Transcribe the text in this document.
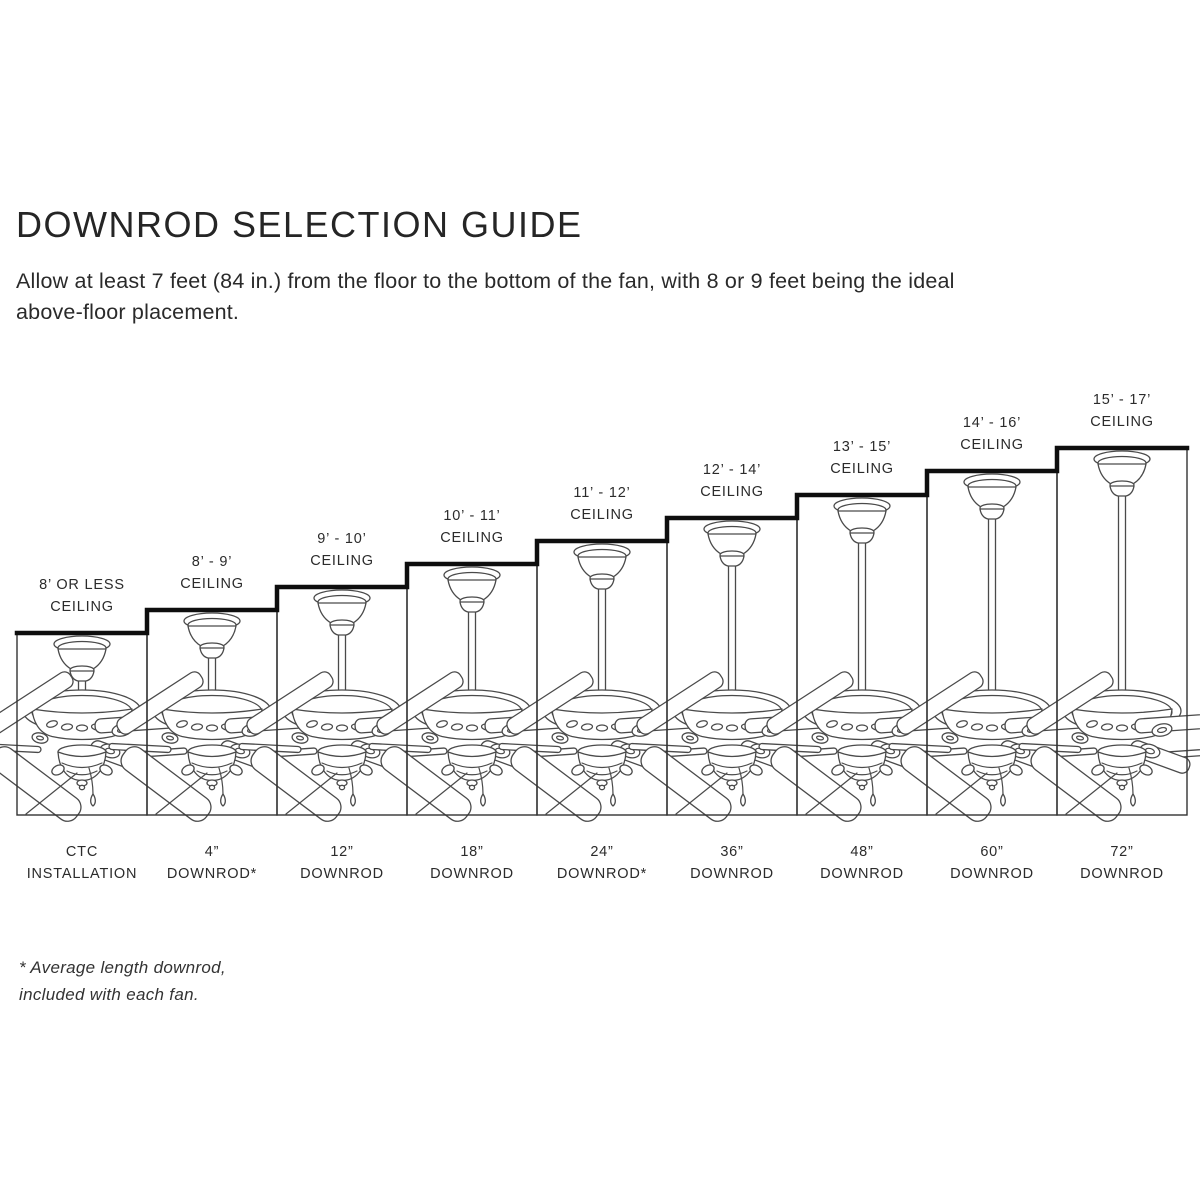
DOWNROD SELECTION GUIDE

Allow at least 7 feet (84 in.) from the floor to the bottom of the fan, with 8 or 9 feet being the ideal
above-floor placement.

8’ OR LESS
CEILING
8’ - 9’
CEILING
9’ - 10’
CEILING
10’ - 11’
CEILING
11’ - 12’
CEILING
12’ - 14’
CEILING
13’ - 15’
CEILING
14’ - 16’
CEILING
15’ - 17’
CEILING
CTC
INSTALLATION
4”
DOWNROD*
12”
DOWNROD
18”
DOWNROD
24”
DOWNROD*
36”
DOWNROD
48”
DOWNROD
60”
DOWNROD
72”
DOWNROD

* Average length downrod,
included with each fan.
